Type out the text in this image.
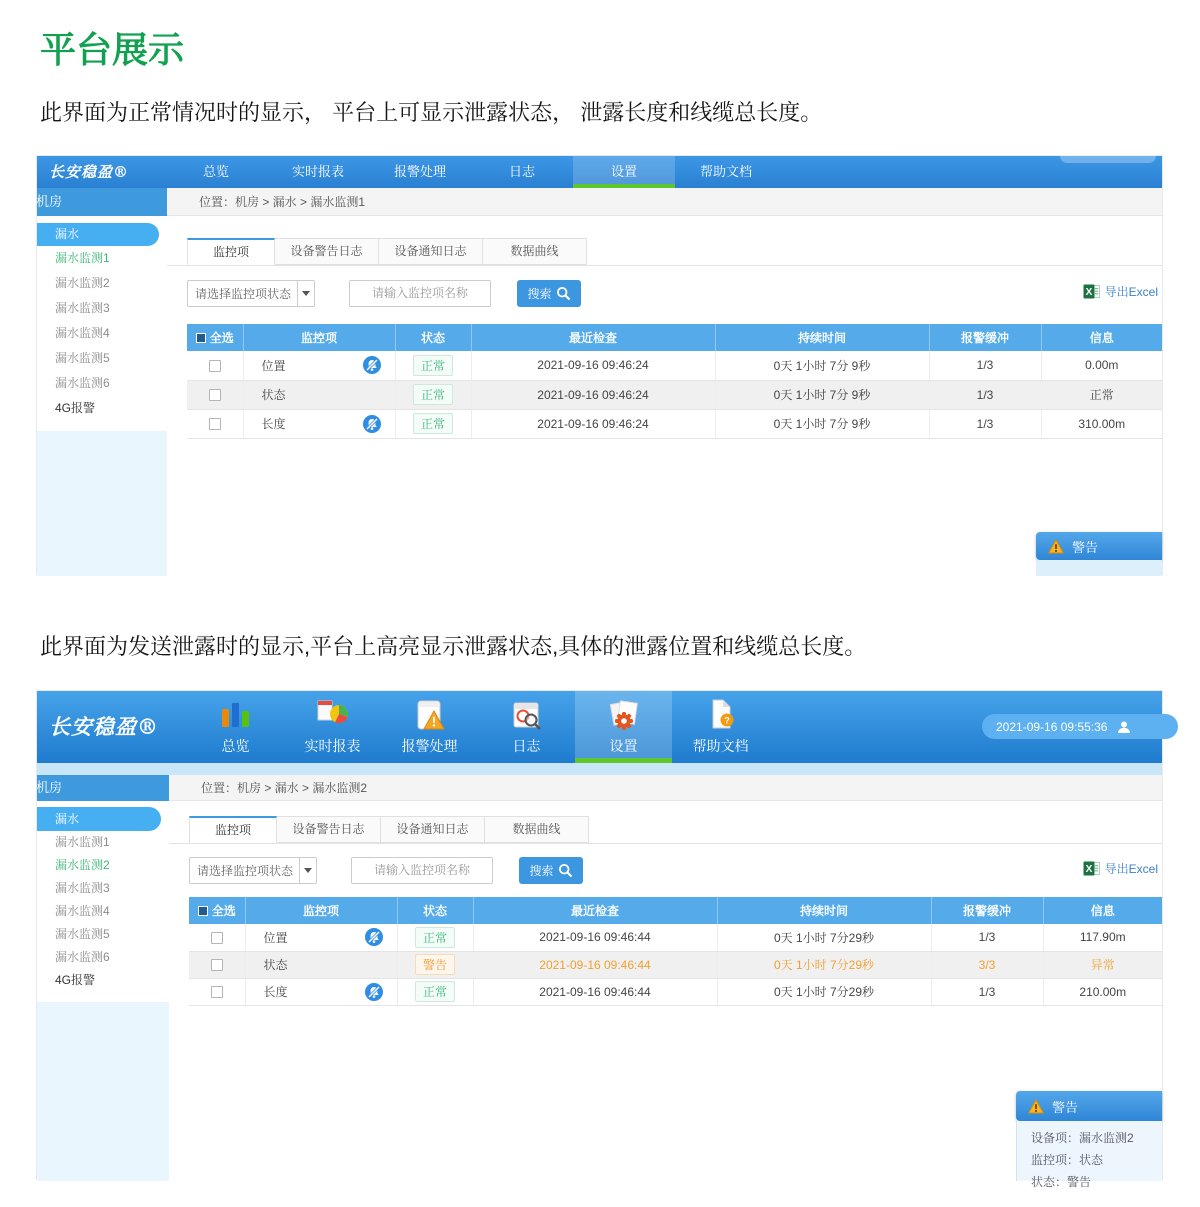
平台展示
此界面为正常情况时的显示， 平台上可显示泄露状态， 泄露长度和线缆总长度。
长安稳盈®	总览	实时报表	报警处理	日志	设置	帮助文档
机房
漏水
漏水监测1
漏水监测2
漏水监测3
漏水监测4
漏水监测5
漏水监测6
4G报警
位置：机房 > 漏水 > 漏水监测1
监控项	设备警告日志	设备通知日志	数据曲线
请选择监控项状态	请输入监控项名称	搜索	X 导出Excel
全选	监控项	状态	最近检查	持续时间	报警缓冲	信息

	位置	正常	2021-09-16 09:46:24	0天 1小时 7分 9秒	1/3	0.00m

	状态	正常	2021-09-16 09:46:24	0天 1小时 7分 9秒	1/3	正常

	长度	正常	2021-09-16 09:46:24	0天 1小时 7分 9秒	1/3	310.00m
警告
此界面为发送泄露时的显示,平台上高亮显示泄露状态,具体的泄露位置和线缆总长度。
长安稳盈®
总览	实时报表	报警处理	日志	设置
?
帮助文档
2021-09-16 09:55:36
机房
漏水
漏水监测1
漏水监测2
漏水监测3
漏水监测4
漏水监测5
漏水监测6
4G报警
位置：机房 > 漏水 > 漏水监测2
监控项	设备警告日志	设备通知日志	数据曲线
请选择监控项状态	请输入监控项名称	搜索	X 导出Excel
全选	监控项	状态	最近检查	持续时间	报警缓冲	信息

	位置	正常	2021-09-16 09:46:44	0天 1小时 7分29秒	1/3	117.90m

	状态	警告	2021-09-16 09:46:44	0天 1小时 7分29秒	3/3	异常

	长度	正常	2021-09-16 09:46:44	0天 1小时 7分29秒	1/3	210.00m
警告
设备项：漏水监测2
监控项：状态
状态：警告
